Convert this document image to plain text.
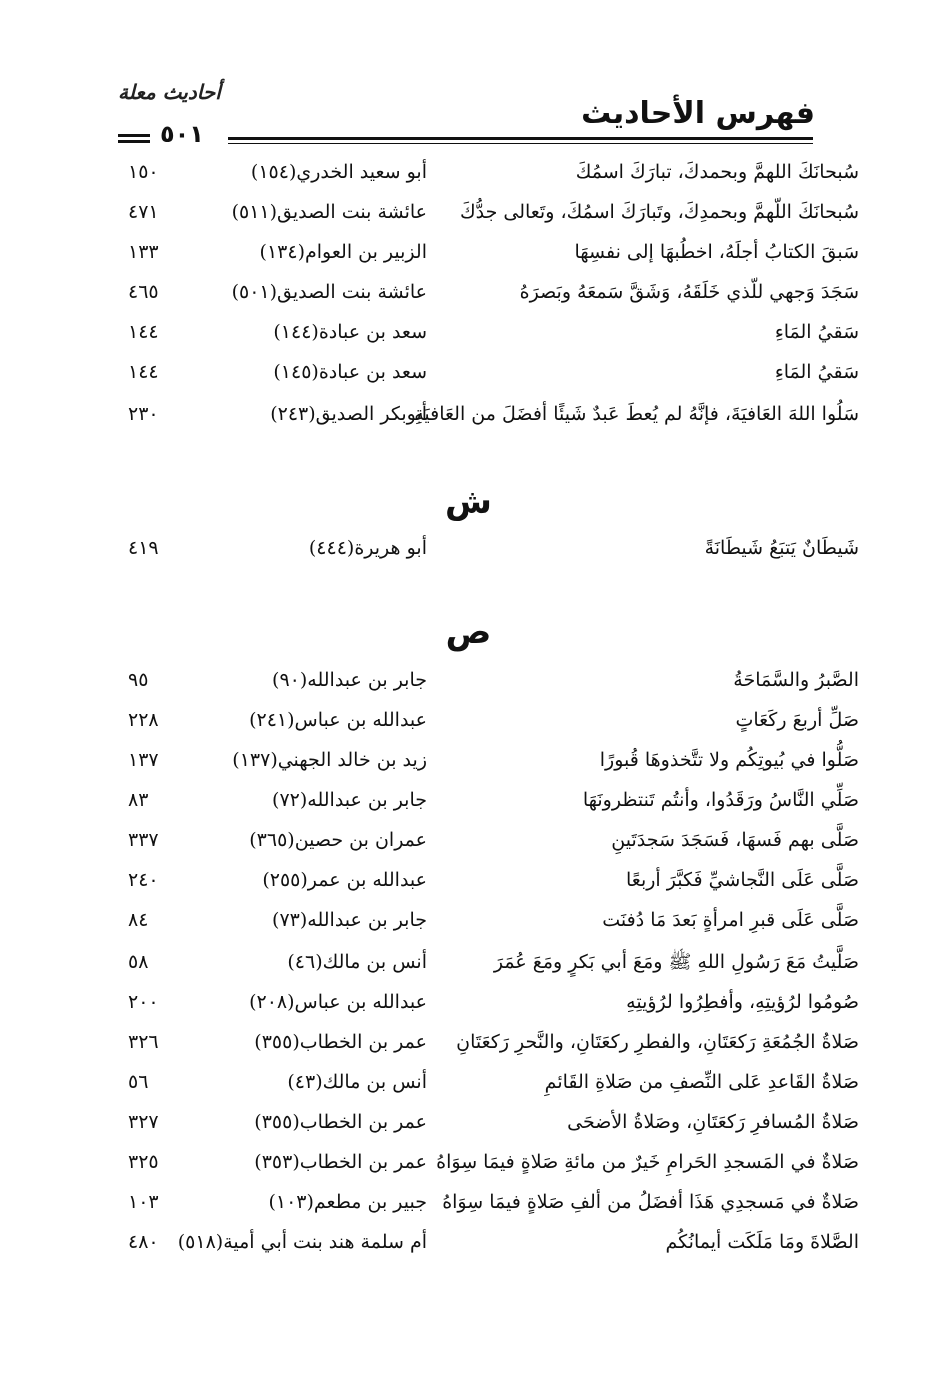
أحاديث معلة
فهرس الأحاديث
٥٠١
سُبحانَكَ اللهمَّ وبحمدكَ، تبارَكَ اسمُكَ
أبو سعيد الخدري(١٥٤)
١٥٠
سُبحانَكَ اللّهمَّ وبحمدِكَ، وتَبارَكَ اسمُكَ، وتَعالى جدُّكَ
عائشة بنت الصديق(٥١١)
٤٧١
سَبقَ الكتابُ أجلَهُ، اخطُبهَا إلى نفسِهَا
الزبير بن العوام(١٣٤)
١٣٣
سَجَدَ وَجهي للّذي خَلَقَهُ، وَشَقَّ سَمعَهُ وبَصرَهُ
عائشة بنت الصديق(٥٠١)
٤٦٥
سَقيُ المَاءِ
سعد بن عبادة(١٤٤)
١٤٤
سَقيُ المَاءِ
سعد بن عبادة(١٤٥)
١٤٤
سَلُوا اللهَ العَافيَةَ، فإنَّهُ لم يُعطَ عَبدٌ شَيئًا أفضَلَ من العَافيَةِ
أبوبكر الصديق(٢٤٣)
٢٣٠
ش
شَيطَانٌ يَتبَعُ شَيطَانَةً
أبو هريرة(٤٤٤)
٤١٩
ص
الصَّبرُ والسَّمَاحَةُ
جابر بن عبدالله(٩٠)
٩٥
صَلِّ أربعَ ركَعَاتٍ
عبدالله بن عباس(٢٤١)
٢٢٨
صَلُّوا في بُيوتِكُم ولا تتَّخذوهَا قُبورًا
زيد بن خالد الجهني(١٣٧)
١٣٧
صَلِّي النَّاسُ ورَقَدُوا، وأنتُم تَنتظرونَهَا
جابر بن عبدالله(٧٢)
٨٣
صَلَّى بهم فَسهَا، فَسَجَدَ سَجدَتَينِ
عمران بن حصين(٣٦٥)
٣٣٧
صَلَّى عَلَى النَّجاشيِّ فَكبَّرَ أربعًا
عبدالله بن عمر(٢٥٥)
٢٤٠
صَلَّى عَلَى قبرِ امرأةٍ بَعدَ مَا دُفنَت
جابر بن عبدالله(٧٣)
٨٤
صَلَّيتُ مَعَ رَسُولِ اللهِ ﷺ ومَعَ أبي بَكرٍ ومَعَ عُمَرَ
أنس بن مالك(٤٦)
٥٨
صُومُوا لرُؤيتِهِ، وأفطِرُوا لرُؤيتِهِ
عبدالله بن عباس(٢٠٨)
٢٠٠
صَلاةُ الجُمُعَةِ رَكعَتَانِ، والفطرِ ركعَتَانِ، والنَّحرِ رَكعَتَانِ
عمر بن الخطاب(٣٥٥)
٣٢٦
صَلاةُ القَاعدِ عَلى النِّصفِ من صَلاةِ القَائمِ
أنس بن مالك(٤٣)
٥٦
صَلاةُ المُسافرِ رَكعَتَانِ، وصَلاةُ الأضحَى
عمر بن الخطاب(٣٥٥)
٣٢٧
صَلاةٌ في المَسجدِ الحَرامِ خَيرٌ من مائةِ صَلاةٍ فيمَا سِوَاهُ
عمر بن الخطاب(٣٥٣)
٣٢٥
صَلاةٌ في مَسجدِي هَذَا أفضَلُ من ألفِ صَلاةٍ فيمَا سِوَاهُ
جبير بن مطعم(١٠٣)
١٠٣
الصَّلاةَ ومَا مَلَكَت أيمانُكُم
أم سلمة هند بنت أبي أمية(٥١٨)
٤٨٠
